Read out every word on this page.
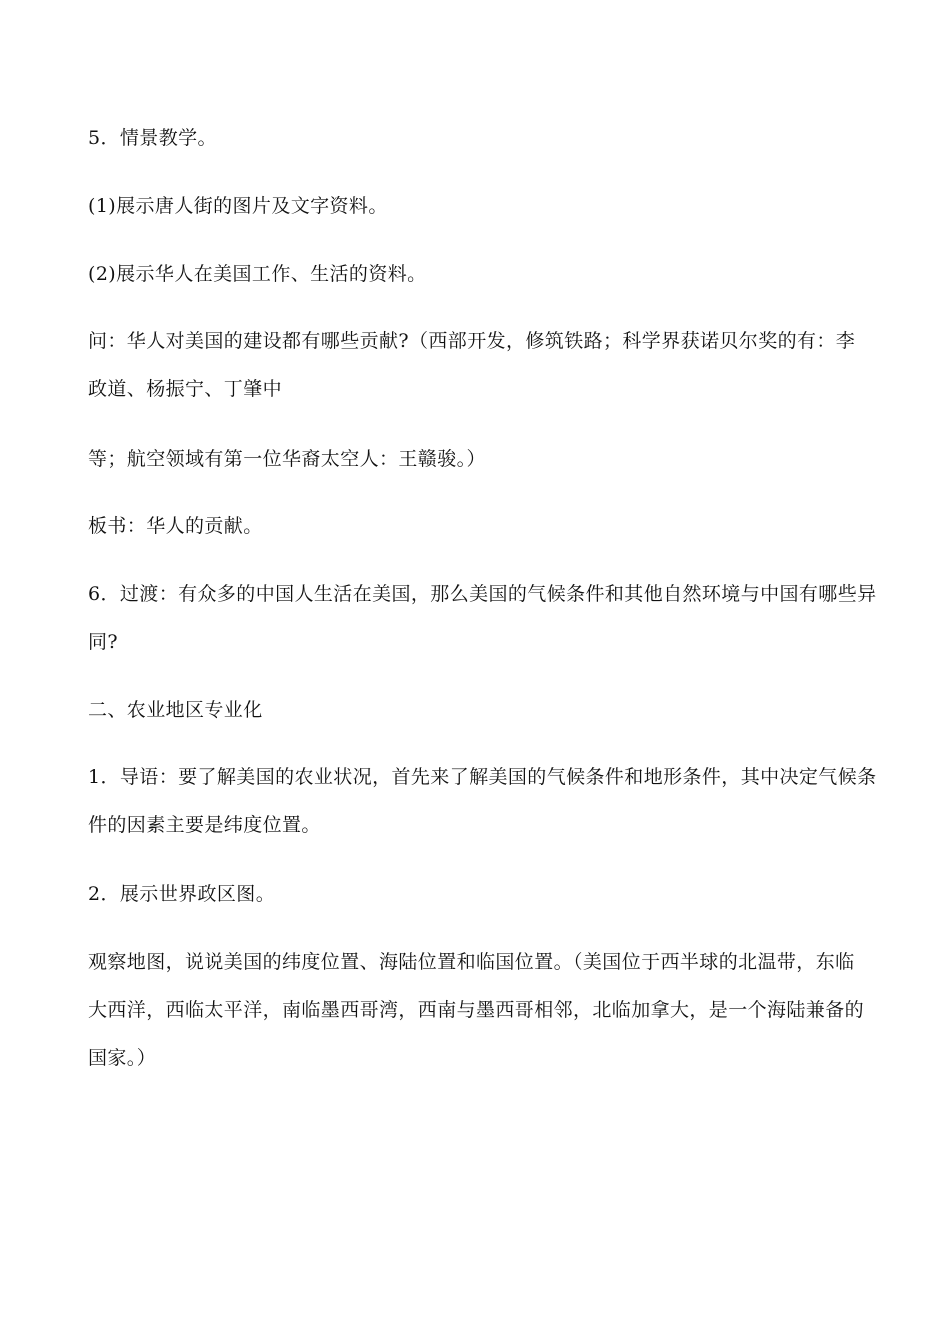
5．情景教学。

(1)展示唐人街的图片及文字资料。

(2)展示华人在美国工作、生活的资料。

问：华人对美国的建设都有哪些贡献?（西部开发，修筑铁路；科学界获诺贝尔奖的有：李

政道、杨振宁、丁肇中

等；航空领域有第一位华裔太空人：王赣骏。）

板书：华人的贡献。

6．过渡：有众多的中国人生活在美国，那么美国的气候条件和其他自然环境与中国有哪些异

同?

二、农业地区专业化

1．导语：要了解美国的农业状况，首先来了解美国的气候条件和地形条件，其中决定气候条

件的因素主要是纬度位置。

2．展示世界政区图。

观察地图，说说美国的纬度位置、海陆位置和临国位置。（美国位于西半球的北温带，东临

大西洋，西临太平洋，南临墨西哥湾，西南与墨西哥相邻，北临加拿大，是一个海陆兼备的

国家。）
